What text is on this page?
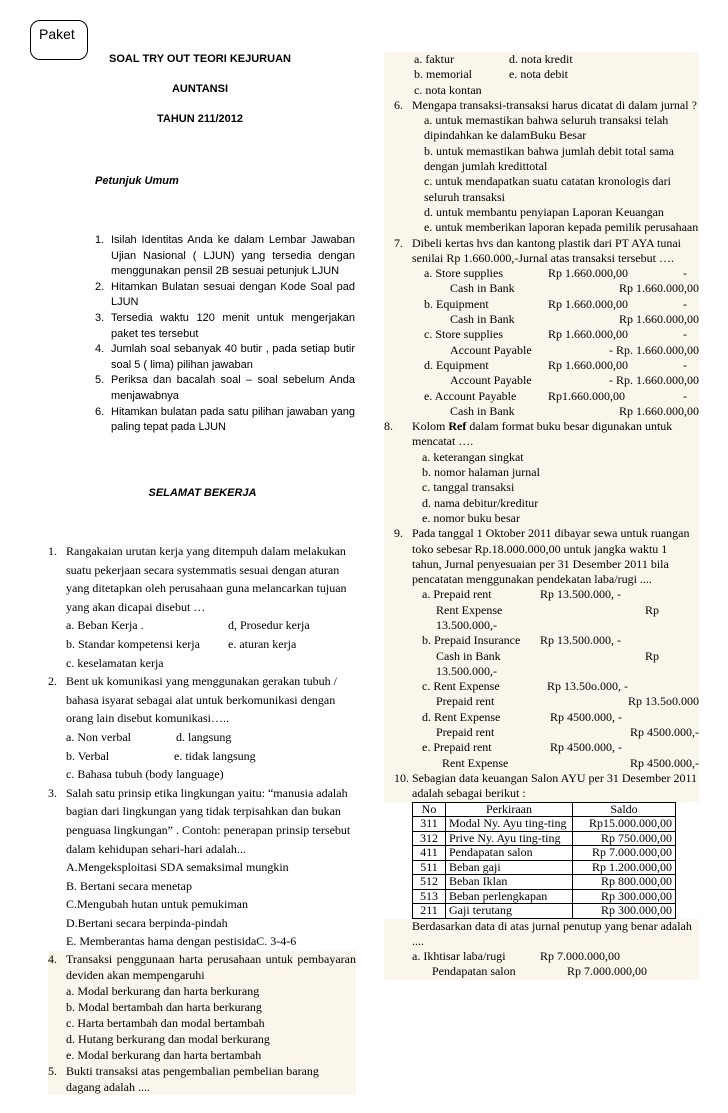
Paket
SOAL TRY OUT TEORI KEJURUAN
AUNTANSI
TAHUN 211/2012
Petunjuk Umum
1. Isilah Identitas Anda ke dalam Lembar Jawaban Ujian Nasional ( LJUN) yang tersedia dengan menggunakan pensil 2B sesuai petunjuk LJUN
2. Hitamkan Bulatan sesuai dengan Kode Soal pad LJUN
3. Tersedia waktu 120 menit untuk mengerjakan paket tes tersebut
4. Jumlah soal sebanyak 40 butir , pada setiap butir soal 5 ( lima) pilihan jawaban
5. Periksa dan bacalah soal – soal sebelum Anda menjawabnya
6. Hitamkan bulatan pada satu pilihan jawaban yang paling tepat pada LJUN
SELAMAT BEKERJA
1. Rangakaian urutan kerja yang ditempuh dalam melakukan suatu pekerjaan secara systemmatis sesuai dengan aturan yang ditetapkan oleh perusahaan guna melancarkan tujuan yang akan dicapai disebut …
a. Beban Kerja .	d, Prosedur kerja
b. Standar kompetensi kerja	e. aturan kerja
c. keselamatan kerja
2. Bent uk komunikasi yang menggunakan gerakan tubuh / bahasa isyarat sebagai alat untuk berkomunikasi dengan orang lain disebut komunikasi…..
a. Non verbal	d. langsung
b. Verbal	e. tidak langsung
c. Bahasa tubuh (body language)
3. Salah satu prinsip etika lingkungan yaitu: “manusia adalah bagian dari lingkungan yang tidak terpisahkan dan bukan penguasa lingkungan” . Contoh: penerapan prinsip tersebut dalam kehidupan sehari-hari adalah...
A.Mengeksploitasi SDA semaksimal mungkin
B. Bertani secara menetap
C.Mengubah hutan untuk pemukiman
D.Bertani secara berpinda-pindah
E. Memberantas hama dengan pestisidaC. 3-4-6
4. Transaksi penggunaan harta perusahaan untuk pembayaran deviden akan mempengaruhi
a. Modal berkurang dan harta berkurang
b. Modal bertambah dan harta berkurang
c. Harta bertambah dan modal bertambah
d. Hutang berkurang dan modal berkurang
e. Modal berkurang dan harta bertambah
5. Bukti transaksi atas pengembalian pembelian barang dagang adalah ....
a. faktur	d. nota kredit
b. memorial	e. nota debit
c. nota kontan
6. Mengapa transaksi-transaksi harus dicatat di dalam jurnal ?
a. untuk memastikan bahwa seluruh transaksi telah dipindahkan ke dalamBuku Besar
b. untuk memastikan bahwa jumlah debit total sama dengan jumlah kredittotal
c. untuk mendapatkan suatu catatan kronologis dari seluruh transaksi
d. untuk membantu penyiapan Laporan Keuangan
e. untuk memberikan laporan kepada pemilik perusahaan
7. Dibeli kertas hvs dan kantong plastik dari PT AYA tunai senilai Rp 1.660.000,-Jurnal atas transaksi tersebut ….
a. Store supplies	Rp 1.660.000,00	-
Cash in Bank	Rp 1.660.000,00
b. Equipment	Rp 1.660.000,00	-
Cash in Bank	Rp 1.660.000,00
c. Store supplies	Rp 1.660.000,00	-
Account Payable	- Rp. 1.660.000,00
d. Equipment	Rp 1.660.000,00	-
Account Payable	- Rp. 1.660.000,00
e. Account Payable	Rp1.660.000,00	-
Cash in Bank	Rp 1.660.000,00
8.	Kolom Ref dalam format buku besar digunakan untuk mencatat ….
a. keterangan singkat
b. nomor halaman jurnal
c. tanggal transaksi
d. nama debitur/kreditur
e. nomor buku besar
9. Pada tanggal 1 Oktober 2011 dibayar sewa untuk ruangan toko sebesar Rp.18.000.000,00 untuk jangka waktu 1 tahun, Jurnal penyesuaian per 31 Desember 2011 bila pencatatan menggunakan pendekatan laba/rugi ....
a. Prepaid rent	Rp 13.500.000, -
Rent Expense	Rp
13.500.000,-
b. Prepaid Insurance	Rp 13.500.000, -
Cash in Bank	Rp
13.500.000,-
c. Rent Expense	Rp 13.50o.000, -
Prepaid rent	Rp 13.5o0.000
d. Rent Expense	Rp 4500.000, -
Prepaid rent	Rp 4500.000,-
e. Prepaid rent	Rp 4500.000, -
Rent Expense	Rp 4500.000,-
10. Sebagian data keuangan Salon AYU per 31 Desember 2011 adalah sebagai berikut :
No	Perkiraan	Saldo
311	Modal Ny. Ayu ting-ting	Rp15.000.000,00
312	Prive Ny. Ayu ting-ting	Rp 750.000,00
411	Pendapatan salon	Rp 7.000.000,00
511	Beban gaji	Rp 1.200.000,00
512	Beban Iklan	Rp 800.000,00
513	Beban perlengkapan	Rp 300.000,00
211	Gaji terutang	Rp 300.000,00
Berdasarkan data di atas jurnal penutup yang benar adalah ....
a. Ikhtisar laba/rugi	Rp 7.000.000,00
Pendapatan salon	Rp 7.000.000,00
